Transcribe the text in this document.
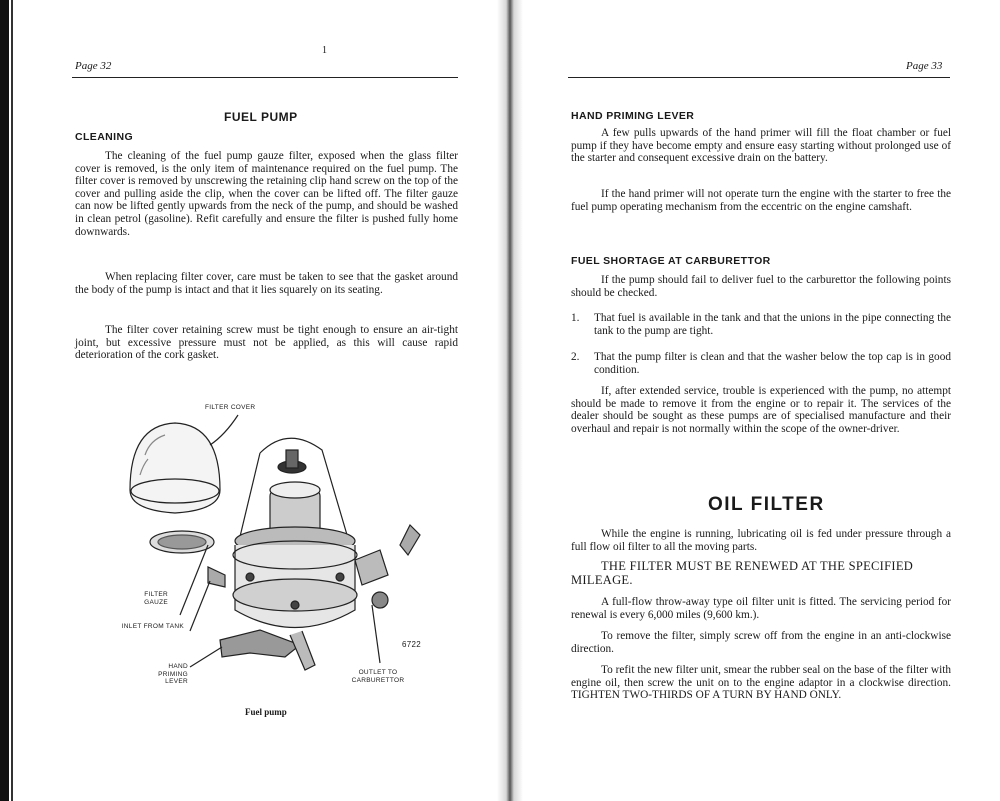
Page 32
1
FUEL PUMP
CLEANING

The cleaning of the fuel pump gauze filter, exposed when the glass filter cover is removed, is the only item of maintenance required on the fuel pump. The filter cover is removed by unscrewing the retaining clip hand screw on the top of the cover and pulling aside the clip, when the cover can be lifted off. The filter gauze can now be lifted gently upwards from the neck of the pump, and should be washed in clean petrol (gasoline). Refit carefully and ensure the filter is pushed fully home downwards.

When replacing filter cover, care must be taken to see that the gasket around the body of the pump is intact and that it lies squarely on its seating.

The filter cover retaining screw must be tight enough to ensure an air-tight joint, but excessive pressure must not be applied, as this will cause rapid deterioration of the cork gasket.

FILTER COVER
FILTER GAUZE
INLET FROM TANK
HAND PRIMING LEVER
OUTLET TO CARBURETTOR
6722
Fuel pump
Page 33
HAND PRIMING LEVER

A few pulls upwards of the hand primer will fill the float chamber or fuel pump if they have become empty and ensure easy starting without prolonged use of the starter and consequent excessive drain on the battery.

If the hand primer will not operate turn the engine with the starter to free the fuel pump operating mechanism from the eccentric on the engine camshaft.

FUEL SHORTAGE AT CARBURETTOR

If the pump should fail to deliver fuel to the carburettor the following points should be checked.

1. That fuel is available in the tank and that the unions in the pipe connecting the tank to the pump are tight.
2. That the pump filter is clean and that the washer below the top cap is in good condition.

If, after extended service, trouble is experienced with the pump, no attempt should be made to remove it from the engine or to repair it. The services of the dealer should be sought as these pumps are of specialised manufacture and their overhaul and repair is not normally within the scope of the owner-driver.

OIL FILTER

While the engine is running, lubricating oil is fed under pressure through a full flow oil filter to all the moving parts.

THE FILTER MUST BE RENEWED AT THE SPECIFIED MILEAGE.

A full-flow throw-away type oil filter unit is fitted. The servicing period for renewal is every 6,000 miles (9,600 km.).

To remove the filter, simply screw off from the engine in an anti-clockwise direction.

To refit the new filter unit, smear the rubber seal on the base of the filter with engine oil, then screw the unit on to the engine adaptor in a clockwise direction. TIGHTEN TWO-THIRDS OF A TURN BY HAND ONLY.
